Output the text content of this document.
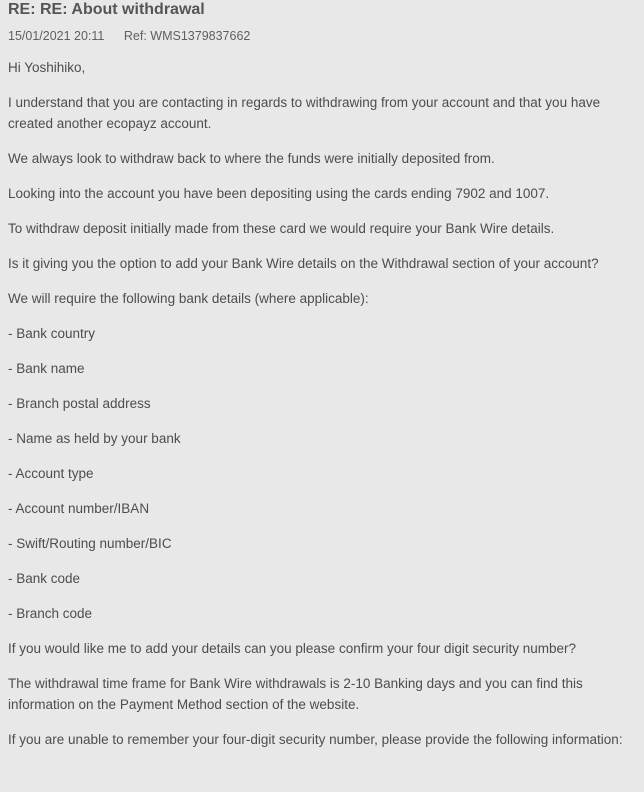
RE: RE: About withdrawal
15/01/2021 20:11 Ref: WMS1379837662

Hi Yoshihiko,

I understand that you are contacting in regards to withdrawing from your account and that you have created another ecopayz account.

We always look to withdraw back to where the funds were initially deposited from.

Looking into the account you have been depositing using the cards ending 7902 and 1007.

To withdraw deposit initially made from these card we would require your Bank Wire details.

Is it giving you the option to add your Bank Wire details on the Withdrawal section of your account?

We will require the following bank details (where applicable):

- Bank country

- Bank name

- Branch postal address

- Name as held by your bank

- Account type

- Account number/IBAN

- Swift/Routing number/BIC

- Bank code

- Branch code

If you would like me to add your details can you please confirm your four digit security number?

The withdrawal time frame for Bank Wire withdrawals is 2-10 Banking days and you can find this information on the Payment Method section of the website.

If you are unable to remember your four-digit security number, please provide the following information:
